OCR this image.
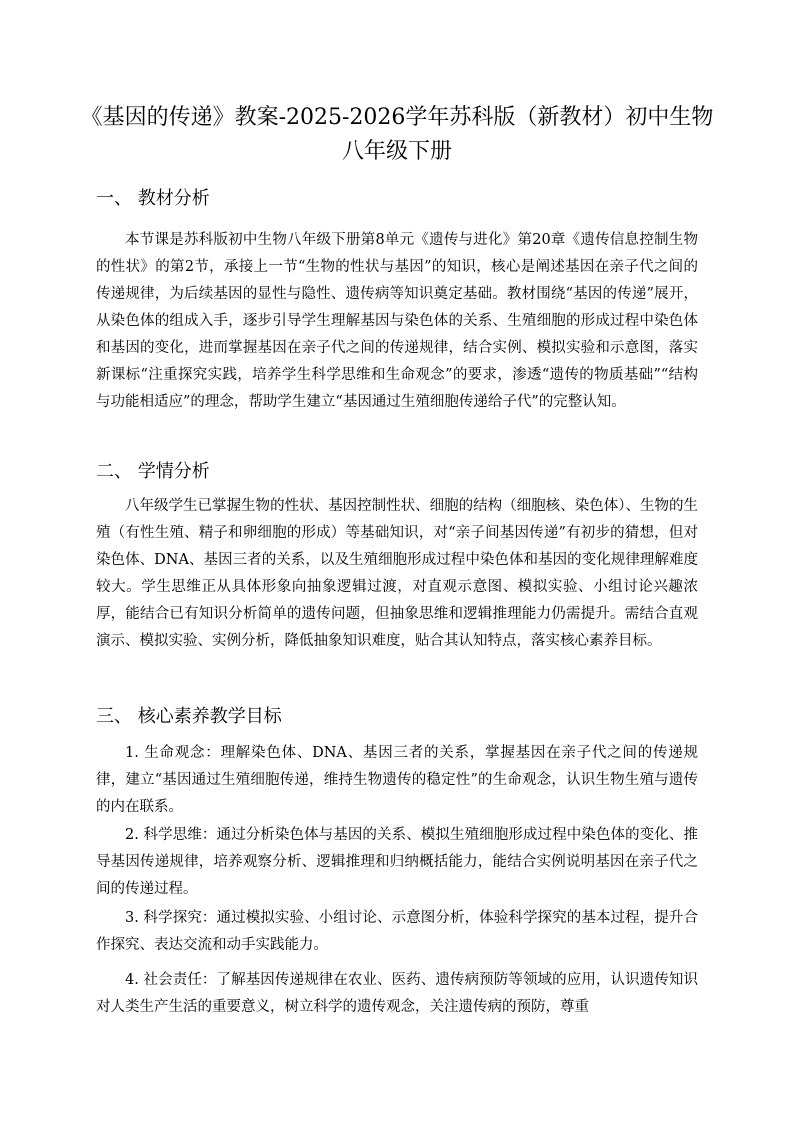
《基因的传递》教案-2025-2026学年苏科版（新教材）初中生物八年级下册
一、 教材分析

本节课是苏科版初中生物八年级下册第8单元《遗传与进化》第20章《遗传信息控制生物的性状》的第2节，承接上一节“生物的性状与基因”的知识，核心是阐述基因在亲子代之间的传递规律，为后续基因的显性与隐性、遗传病等知识奠定基础。教材围绕“基因的传递”展开，从染色体的组成入手，逐步引导学生理解基因与染色体的关系、生殖细胞的形成过程中染色体和基因的变化，进而掌握基因在亲子代之间的传递规律，结合实例、模拟实验和示意图，落实新课标“注重探究实践，培养学生科学思维和生命观念”的要求，渗透“遗传的物质基础”“结构与功能相适应”的理念，帮助学生建立“基因通过生殖细胞传递给子代”的完整认知。

二、 学情分析

八年级学生已掌握生物的性状、基因控制性状、细胞的结构（细胞核、染色体）、生物的生殖（有性生殖、精子和卵细胞的形成）等基础知识，对“亲子间基因传递”有初步的猜想，但对染色体、DNA、基因三者的关系，以及生殖细胞形成过程中染色体和基因的变化规律理解难度较大。学生思维正从具体形象向抽象逻辑过渡，对直观示意图、模拟实验、小组讨论兴趣浓厚，能结合已有知识分析简单的遗传问题，但抽象思维和逻辑推理能力仍需提升。需结合直观演示、模拟实验、实例分析，降低抽象知识难度，贴合其认知特点，落实核心素养目标。

三、 核心素养教学目标

1. 生命观念：理解染色体、DNA、基因三者的关系，掌握基因在亲子代之间的传递规律，建立“基因通过生殖细胞传递，维持生物遗传的稳定性”的生命观念，认识生物生殖与遗传的内在联系。

2. 科学思维：通过分析染色体与基因的关系、模拟生殖细胞形成过程中染色体的变化、推导基因传递规律，培养观察分析、逻辑推理和归纳概括能力，能结合实例说明基因在亲子代之间的传递过程。

3. 科学探究：通过模拟实验、小组讨论、示意图分析，体验科学探究的基本过程，提升合作探究、表达交流和动手实践能力。

4. 社会责任：了解基因传递规律在农业、医药、遗传病预防等领域的应用，认识遗传知识对人类生产生活的重要意义，树立科学的遗传观念，关注遗传病的预防，尊重
